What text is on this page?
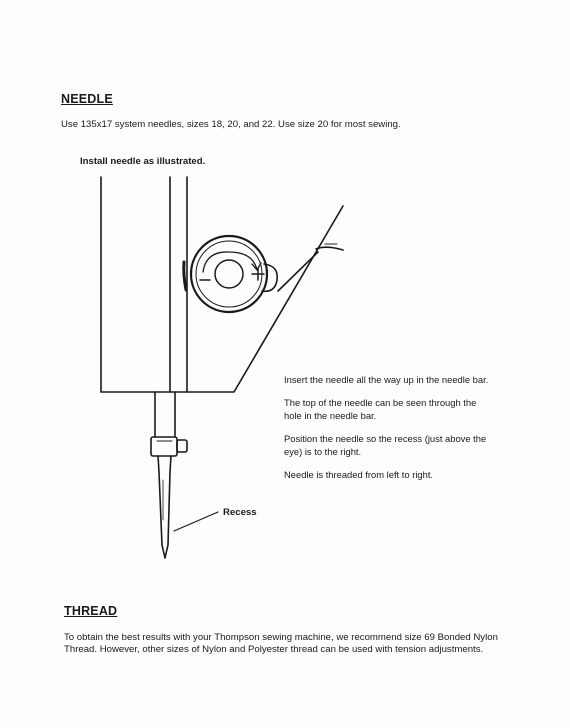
NEEDLE
Use 135x17 system needles, sizes 18, 20, and 22. Use size 20 for most sewing.
Install needle as illustrated.
Recess

Insert the needle all the way up in the needle bar.

The top of the needle can be seen through the hole in the needle bar.

Position the needle so the recess (just above the eye) is to the right.

Needle is threaded from left to right.

THREAD
To obtain the best results with your Thompson sewing machine, we recommend size 69 Bonded Nylon Thread. However, other sizes of Nylon and Polyester thread can be used with tension adjustments.
